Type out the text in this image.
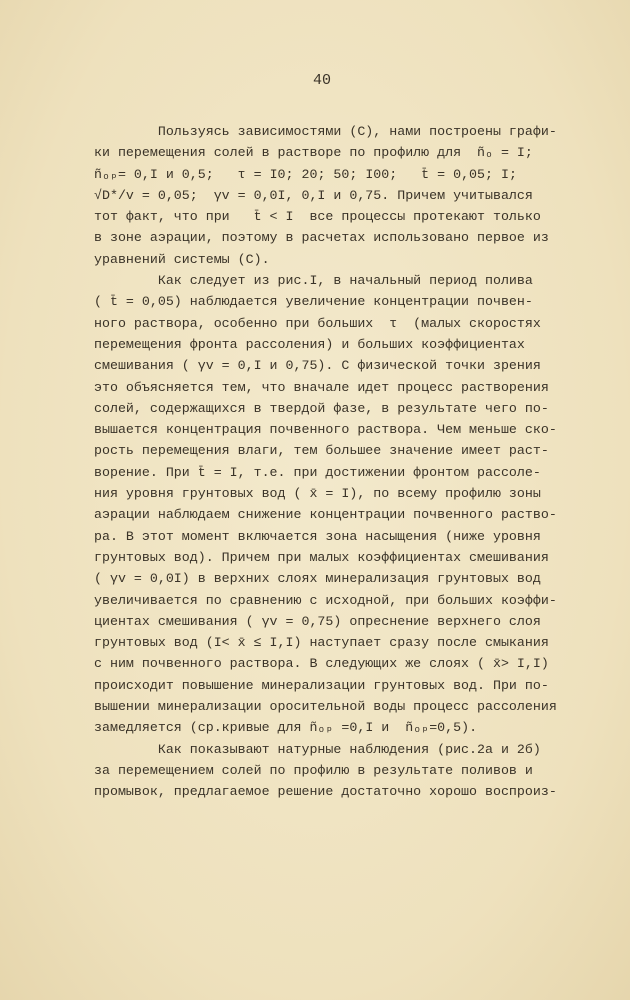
40
Пользуясь зависимостями (С), нами построены графи-
ки перемещения солей в растворе по профилю для  ñₒ = I;
ñₒₚ= 0,I и 0,5;   τ = I0; 20; 50; I00;   t̄ = 0,05; I;
√D*/v = 0,05;  γv = 0,0I, 0,I и 0,75. Причем учитывался
тот факт, что при   t̄ < I  все процессы протекают только
в зоне аэрации, поэтому в расчетах использовано первое из
уравнений системы (С).
Как следует из рис.I, в начальный период полива
( t̄ = 0,05) наблюдается увеличение концентрации почвен-
ного раствора, особенно при больших  τ  (малых скоростях
перемещения фронта рассоления) и больших коэффициентах
смешивания ( γv = 0,I и 0,75). С физической точки зрения
это объясняется тем, что вначале идет процесс растворения
солей, содержащихся в твердой фазе, в результате чего по-
вышается концентрация почвенного раствора. Чем меньше ско-
рость перемещения влаги, тем большее значение имеет раст-
ворение. При t̄ = I, т.е. при достижении фронтом рассоле-
ния уровня грунтовых вод ( x̄ = I), по всему профилю зоны
аэрации наблюдаем снижение концентрации почвенного раство-
ра. В этот момент включается зона насыщения (ниже уровня
грунтовых вод). Причем при малых коэффициентах смешивания
( γv = 0,0I) в верхних слоях минерализация грунтовых вод
увеличивается по сравнению с исходной, при больших коэффи-
циентах смешивания ( γv = 0,75) опреснение верхнего слоя
грунтовых вод (I< x̄ ≤ I,I) наступает сразу после смыкания
с ним почвенного раствора. В следующих же слоях ( x̄> I,I)
происходит повышение минерализации грунтовых вод. При по-
вышении минерализации оросительной воды процесс рассоления
замедляется (ср.кривые для ñₒₚ =0,I и  ñₒₚ=0,5).
Как показывают натурные наблюдения (рис.2а и 2б)
за перемещением солей по профилю в результате поливов и
промывок, предлагаемое решение достаточно хорошо воспроиз-
